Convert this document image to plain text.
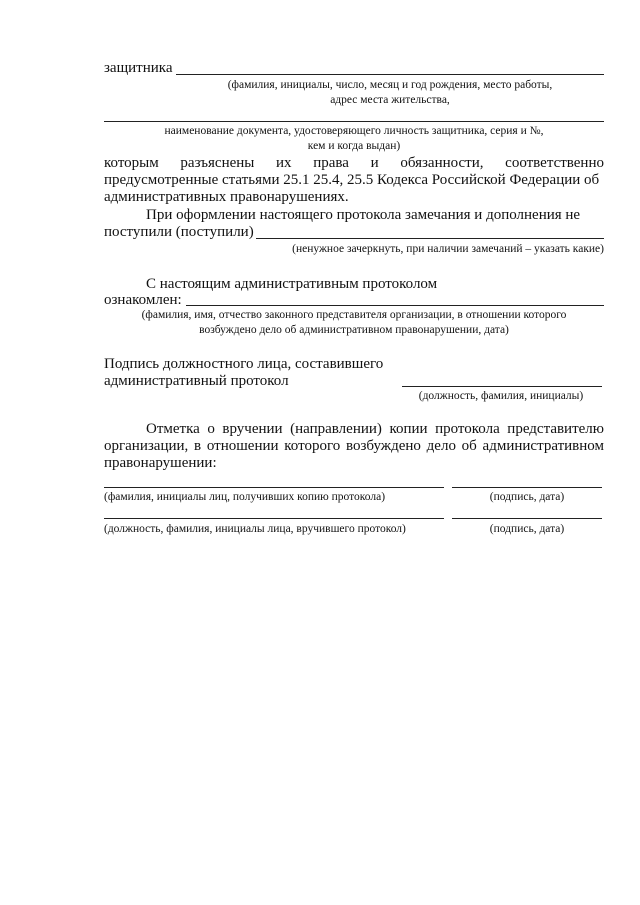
защитника
(фамилия, инициалы, число, месяц и год рождения, место работы,
адрес места жительства,
наименование документа, удостоверяющего личность защитника, серия и №,
кем и когда выдан)
которым разъяснены их права и обязанности, соответственно
предусмотренные статьями 25.1 25.4, 25.5 Кодекса Российской Федерации об
административных правонарушениях.
При оформлении настоящего протокола замечания и дополнения не
поступили (поступили)
(ненужное зачеркнуть, при наличии замечаний – указать какие)
С настоящим административным протоколом
ознакомлен:
(фамилия, имя, отчество законного представителя организации, в отношении которого
возбуждено дело об административном правонарушении, дата)
Подпись должностного лица, составившего
административный протокол
(должность, фамилия, инициалы)
Отметка о вручении (направлении) копии протокола представителю
организации, в отношении которого возбуждено дело об административном
правонарушении:
(фамилия, инициалы лиц, получивших копию протокола)	(подпись, дата)
(должность, фамилия, инициалы лица, вручившего протокол)	(подпись, дата)
